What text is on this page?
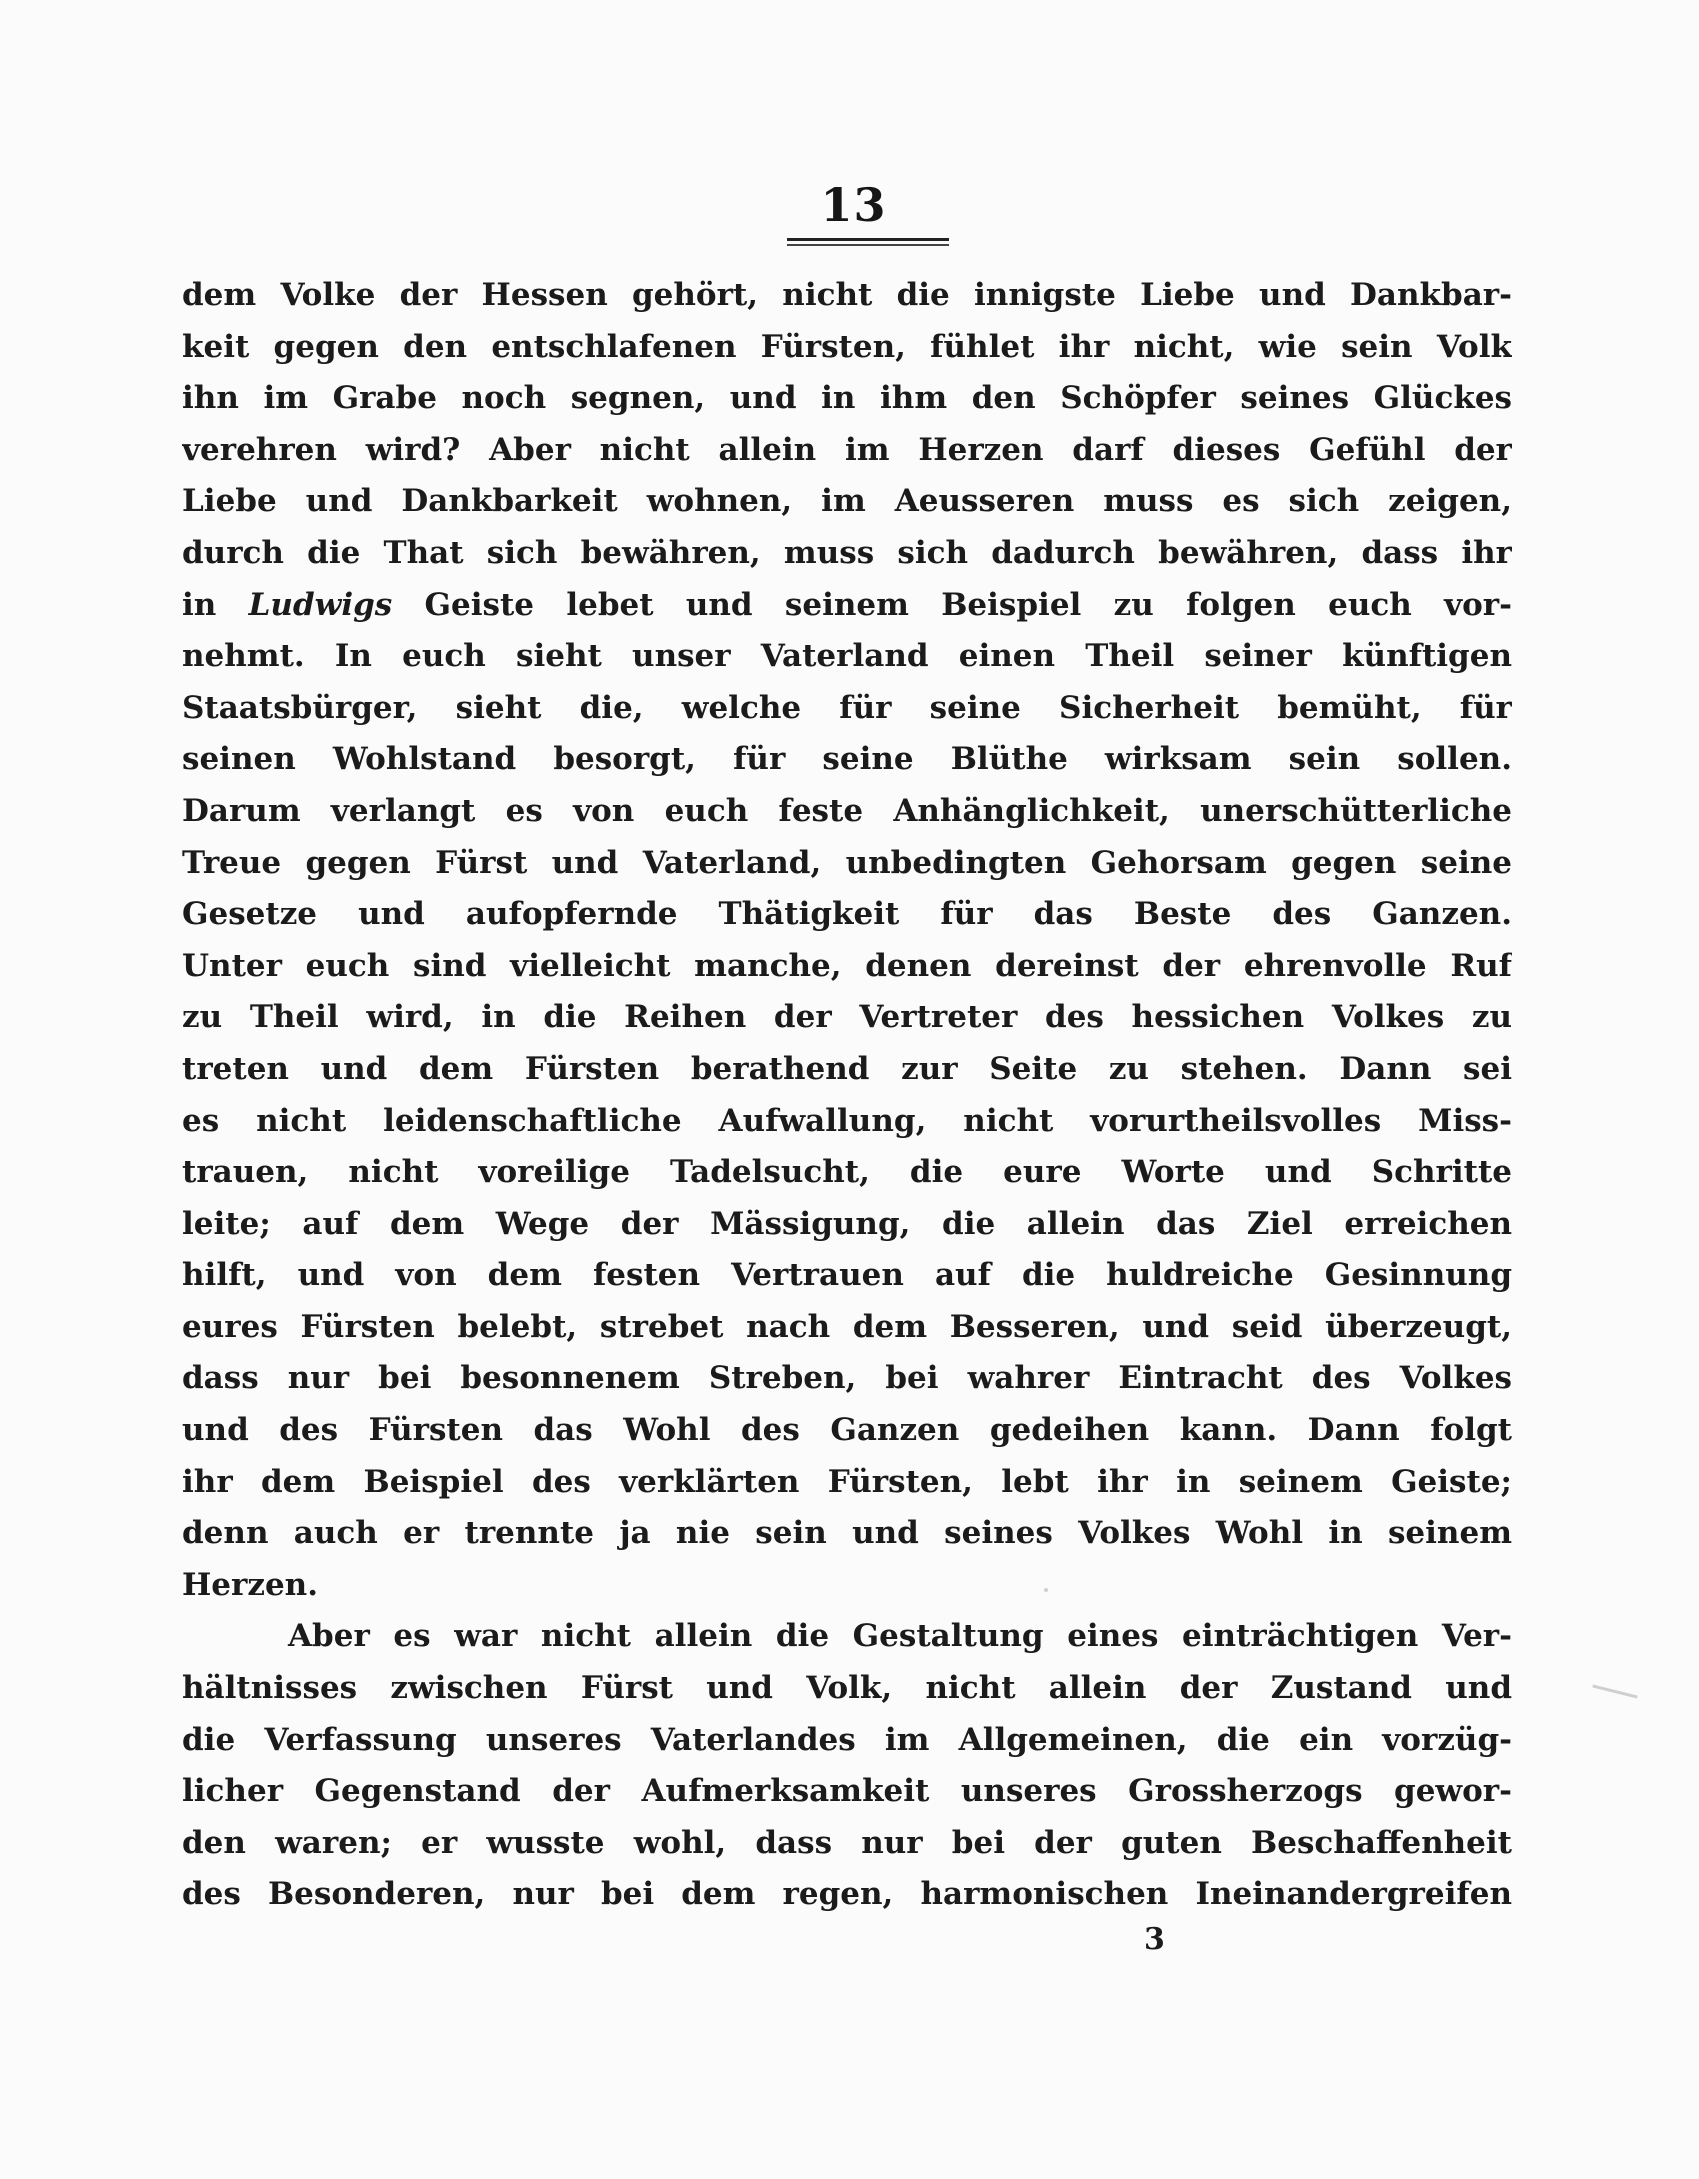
13
dem Volke der Hessen gehört, nicht die innigste Liebe und Dankbar-
keit gegen den entschlafenen Fürsten, fühlet ihr nicht, wie sein Volk
ihn im Grabe noch segnen, und in ihm den Schöpfer seines Glückes
verehren wird? Aber nicht allein im Herzen darf dieses Gefühl der
Liebe und Dankbarkeit wohnen, im Aeusseren muss es sich zeigen,
durch die That sich bewähren, muss sich dadurch bewähren, dass ihr
in Ludwigs Geiste lebet und seinem Beispiel zu folgen euch vor-
nehmt. In euch sieht unser Vaterland einen Theil seiner künftigen
Staatsbürger, sieht die, welche für seine Sicherheit bemüht, für
seinen Wohlstand besorgt, für seine Blüthe wirksam sein sollen.
Darum verlangt es von euch feste Anhänglichkeit, unerschütterliche
Treue gegen Fürst und Vaterland, unbedingten Gehorsam gegen seine
Gesetze und aufopfernde Thätigkeit für das Beste des Ganzen.
Unter euch sind vielleicht manche, denen dereinst der ehrenvolle Ruf
zu Theil wird, in die Reihen der Vertreter des hessichen Volkes zu
treten und dem Fürsten berathend zur Seite zu stehen. Dann sei
es nicht leidenschaftliche Aufwallung, nicht vorurtheilsvolles Miss-
trauen, nicht voreilige Tadelsucht, die eure Worte und Schritte
leite; auf dem Wege der Mässigung, die allein das Ziel erreichen
hilft, und von dem festen Vertrauen auf die huldreiche Gesinnung
eures Fürsten belebt, strebet nach dem Besseren, und seid überzeugt,
dass nur bei besonnenem Streben, bei wahrer Eintracht des Volkes
und des Fürsten das Wohl des Ganzen gedeihen kann. Dann folgt
ihr dem Beispiel des verklärten Fürsten, lebt ihr in seinem Geiste;
denn auch er trennte ja nie sein und seines Volkes Wohl in seinem
Herzen.
Aber es war nicht allein die Gestaltung eines einträchtigen Ver-
hältnisses zwischen Fürst und Volk, nicht allein der Zustand und
die Verfassung unseres Vaterlandes im Allgemeinen, die ein vorzüg-
licher Gegenstand der Aufmerksamkeit unseres Grossherzogs gewor-
den waren; er wusste wohl, dass nur bei der guten Beschaffenheit
des Besonderen, nur bei dem regen, harmonischen Ineinandergreifen
3
